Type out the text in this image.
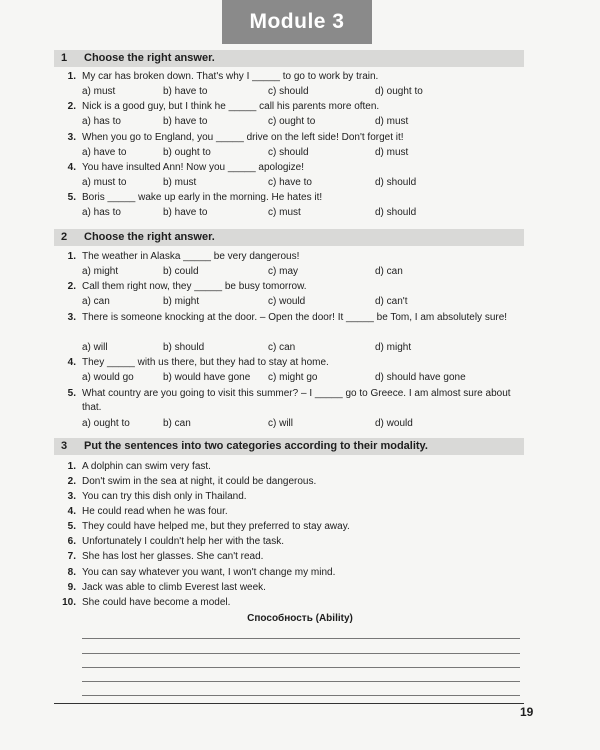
Module 3
1 Choose the right answer.
1. My car has broken down. That's why I _____ to go to work by train.
a) must	b) have to	c) should	d) ought to
2. Nick is a good guy, but I think he _____ call his parents more often.
a) has to	b) have to	c) ought to	d) must
3. When you go to England, you _____ drive on the left side! Don't forget it!
a) have to	b) ought to	c) should	d) must
4. You have insulted Ann! Now you _____ apologize!
a) must to	b) must	c) have to	d) should
5. Boris _____ wake up early in the morning. He hates it!
a) has to	b) have to	c) must	d) should
2 Choose the right answer.
1. The weather in Alaska _____ be very dangerous!
a) might	b) could	c) may	d) can
2. Call them right now, they _____ be busy tomorrow.
a) can	b) might	c) would	d) can't
3. There is someone knocking at the door. – Open the door! It _____ be Tom, I am absolutely sure!
a) will	b) should	c) can	d) might
4. They _____ with us there, but they had to stay at home.
a) would go	b) would have gone c) might go	d) should have gone
5. What country are you going to visit this summer? – I _____ go to Greece. I am almost sure about that.
a) ought to	b) can	c) will	d) would
3 Put the sentences into two categories according to their modality.
1. A dolphin can swim very fast.
2. Don't swim in the sea at night, it could be dangerous.
3. You can try this dish only in Thailand.
4. He could read when he was four.
5. They could have helped me, but they preferred to stay away.
6. Unfortunately I couldn't help her with the task.
7. She has lost her glasses. She can't read.
8. You can say whatever you want, I won't change my mind.
9. Jack was able to climb Everest last week.
10. She could have become a model.
Способность (Ability)
19
